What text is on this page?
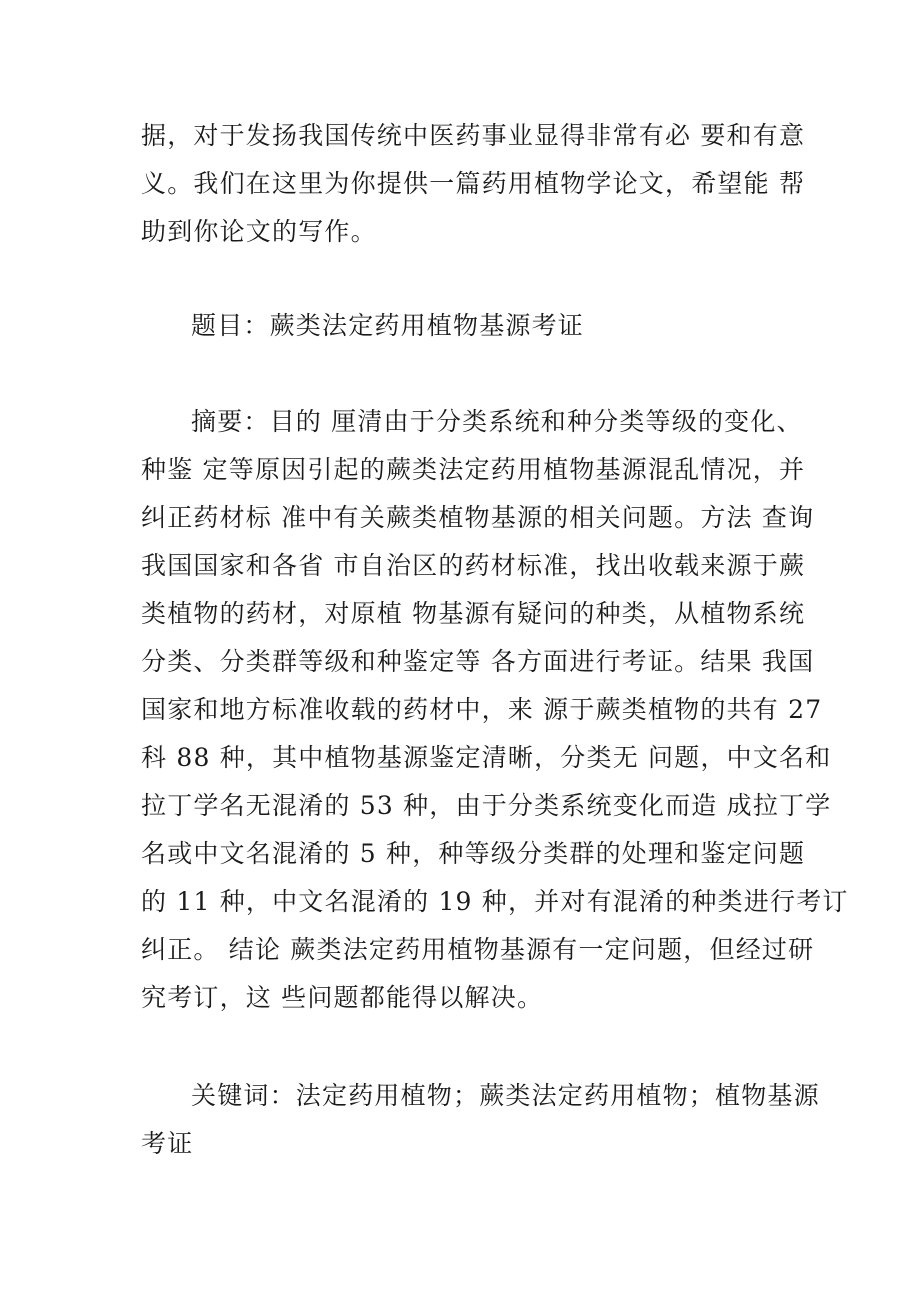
据，对于发扬我国传统中医药事业显得非常有必 要和有意
义。我们在这里为你提供一篇药用植物学论文，希望能 帮
助到你论文的写作。
题目：蕨类法定药用植物基源考证
摘要：目的 厘清由于分类系统和种分类等级的变化、
种鉴 定等原因引起的蕨类法定药用植物基源混乱情况，并
纠正药材标 准中有关蕨类植物基源的相关问题。方法 查询
我国国家和各省 市自治区的药材标准，找出收载来源于蕨
类植物的药材，对原植 物基源有疑问的种类，从植物系统
分类、分类群等级和种鉴定等 各方面进行考证。结果 我国
国家和地方标准收载的药材中，来 源于蕨类植物的共有 27
科 88 种，其中植物基源鉴定清晰，分类无 问题，中文名和
拉丁学名无混淆的 53 种，由于分类系统变化而造 成拉丁学
名或中文名混淆的 5 种，种等级分类群的处理和鉴定问题
的 11 种，中文名混淆的 19 种，并对有混淆的种类进行考订
纠正。 结论 蕨类法定药用植物基源有一定问题，但经过研
究考订，这 些问题都能得以解决。
关键词：法定药用植物；蕨类法定药用植物；植物基源
考证
